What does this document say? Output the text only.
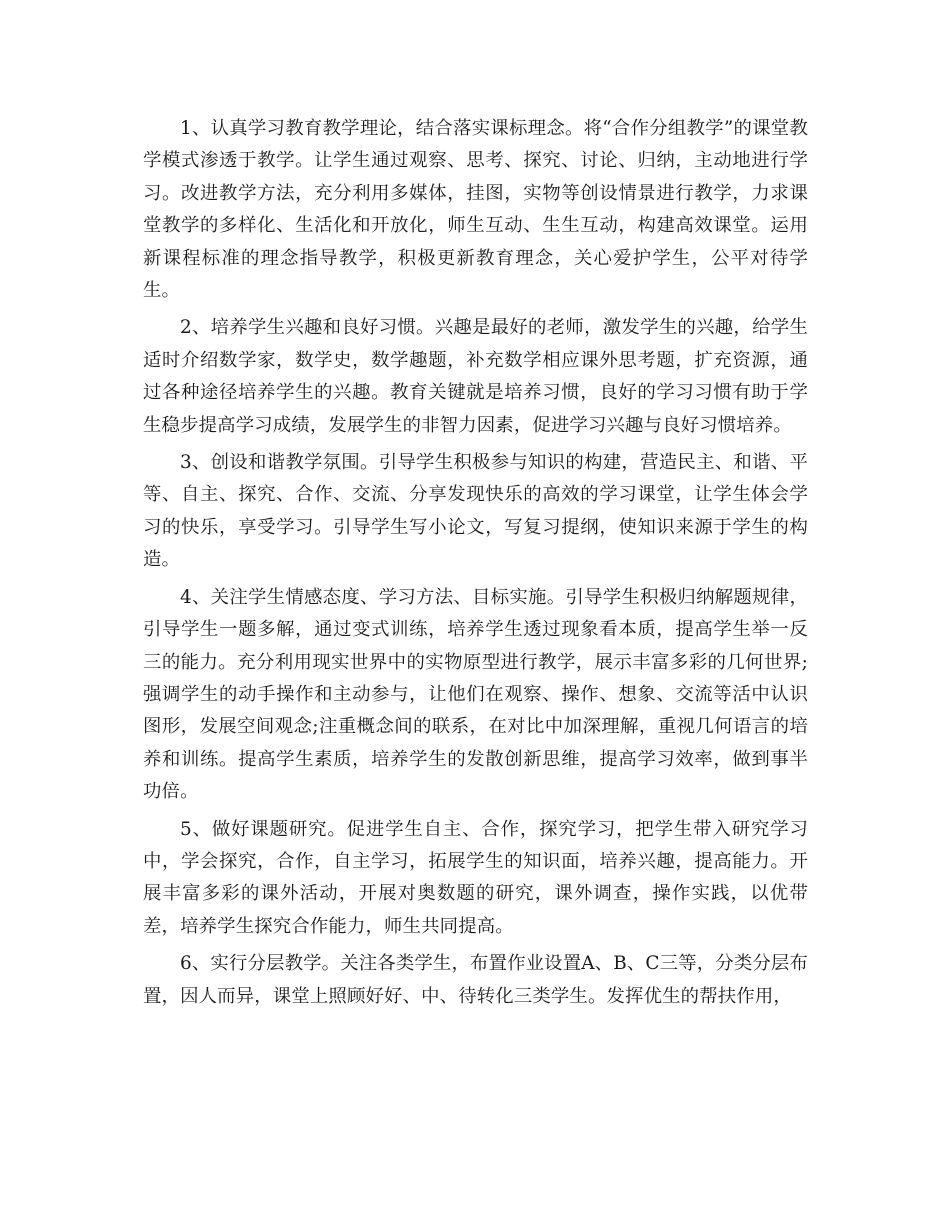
1、认真学习教育教学理论，结合落实课标理念。将“合作分组教学”的课堂教学模式渗透于教学。让学生通过观察、思考、探究、讨论、归纳，主动地进行学习。改进教学方法，充分利用多媒体，挂图，实物等创设情景进行教学，力求课堂教学的多样化、生活化和开放化，师生互动、生生互动，构建高效课堂。运用新课程标准的理念指导教学，积极更新教育理念，关心爱护学生，公平对待学生。

2、培养学生兴趣和良好习惯。兴趣是最好的老师，激发学生的兴趣，给学生适时介绍数学家，数学史，数学趣题，补充数学相应课外思考题，扩充资源，通过各种途径培养学生的兴趣。教育关键就是培养习惯，良好的学习习惯有助于学生稳步提高学习成绩，发展学生的非智力因素，促进学习兴趣与良好习惯培养。

3、创设和谐教学氛围。引导学生积极参与知识的构建，营造民主、和谐、平等、自主、探究、合作、交流、分享发现快乐的高效的学习课堂，让学生体会学习的快乐，享受学习。引导学生写小论文，写复习提纲，使知识来源于学生的构造。

4、关注学生情感态度、学习方法、目标实施。引导学生积极归纳解题规律，引导学生一题多解，通过变式训练，培养学生透过现象看本质，提高学生举一反三的能力。充分利用现实世界中的实物原型进行教学，展示丰富多彩的几何世界;强调学生的动手操作和主动参与，让他们在观察、操作、想象、交流等活中认识图形，发展空间观念;注重概念间的联系，在对比中加深理解，重视几何语言的培养和训练。提高学生素质，培养学生的发散创新思维，提高学习效率，做到事半功倍。

5、做好课题研究。促进学生自主、合作，探究学习，把学生带入研究学习中，学会探究，合作，自主学习，拓展学生的知识面，培养兴趣，提高能力。开展丰富多彩的课外活动，开展对奥数题的研究，课外调查，操作实践，以优带差，培养学生探究合作能力，师生共同提高。

6、实行分层教学。关注各类学生，布置作业设置A、B、C三等，分类分层布置，因人而异，课堂上照顾好好、中、待转化三类学生。发挥优生的帮扶作用，
